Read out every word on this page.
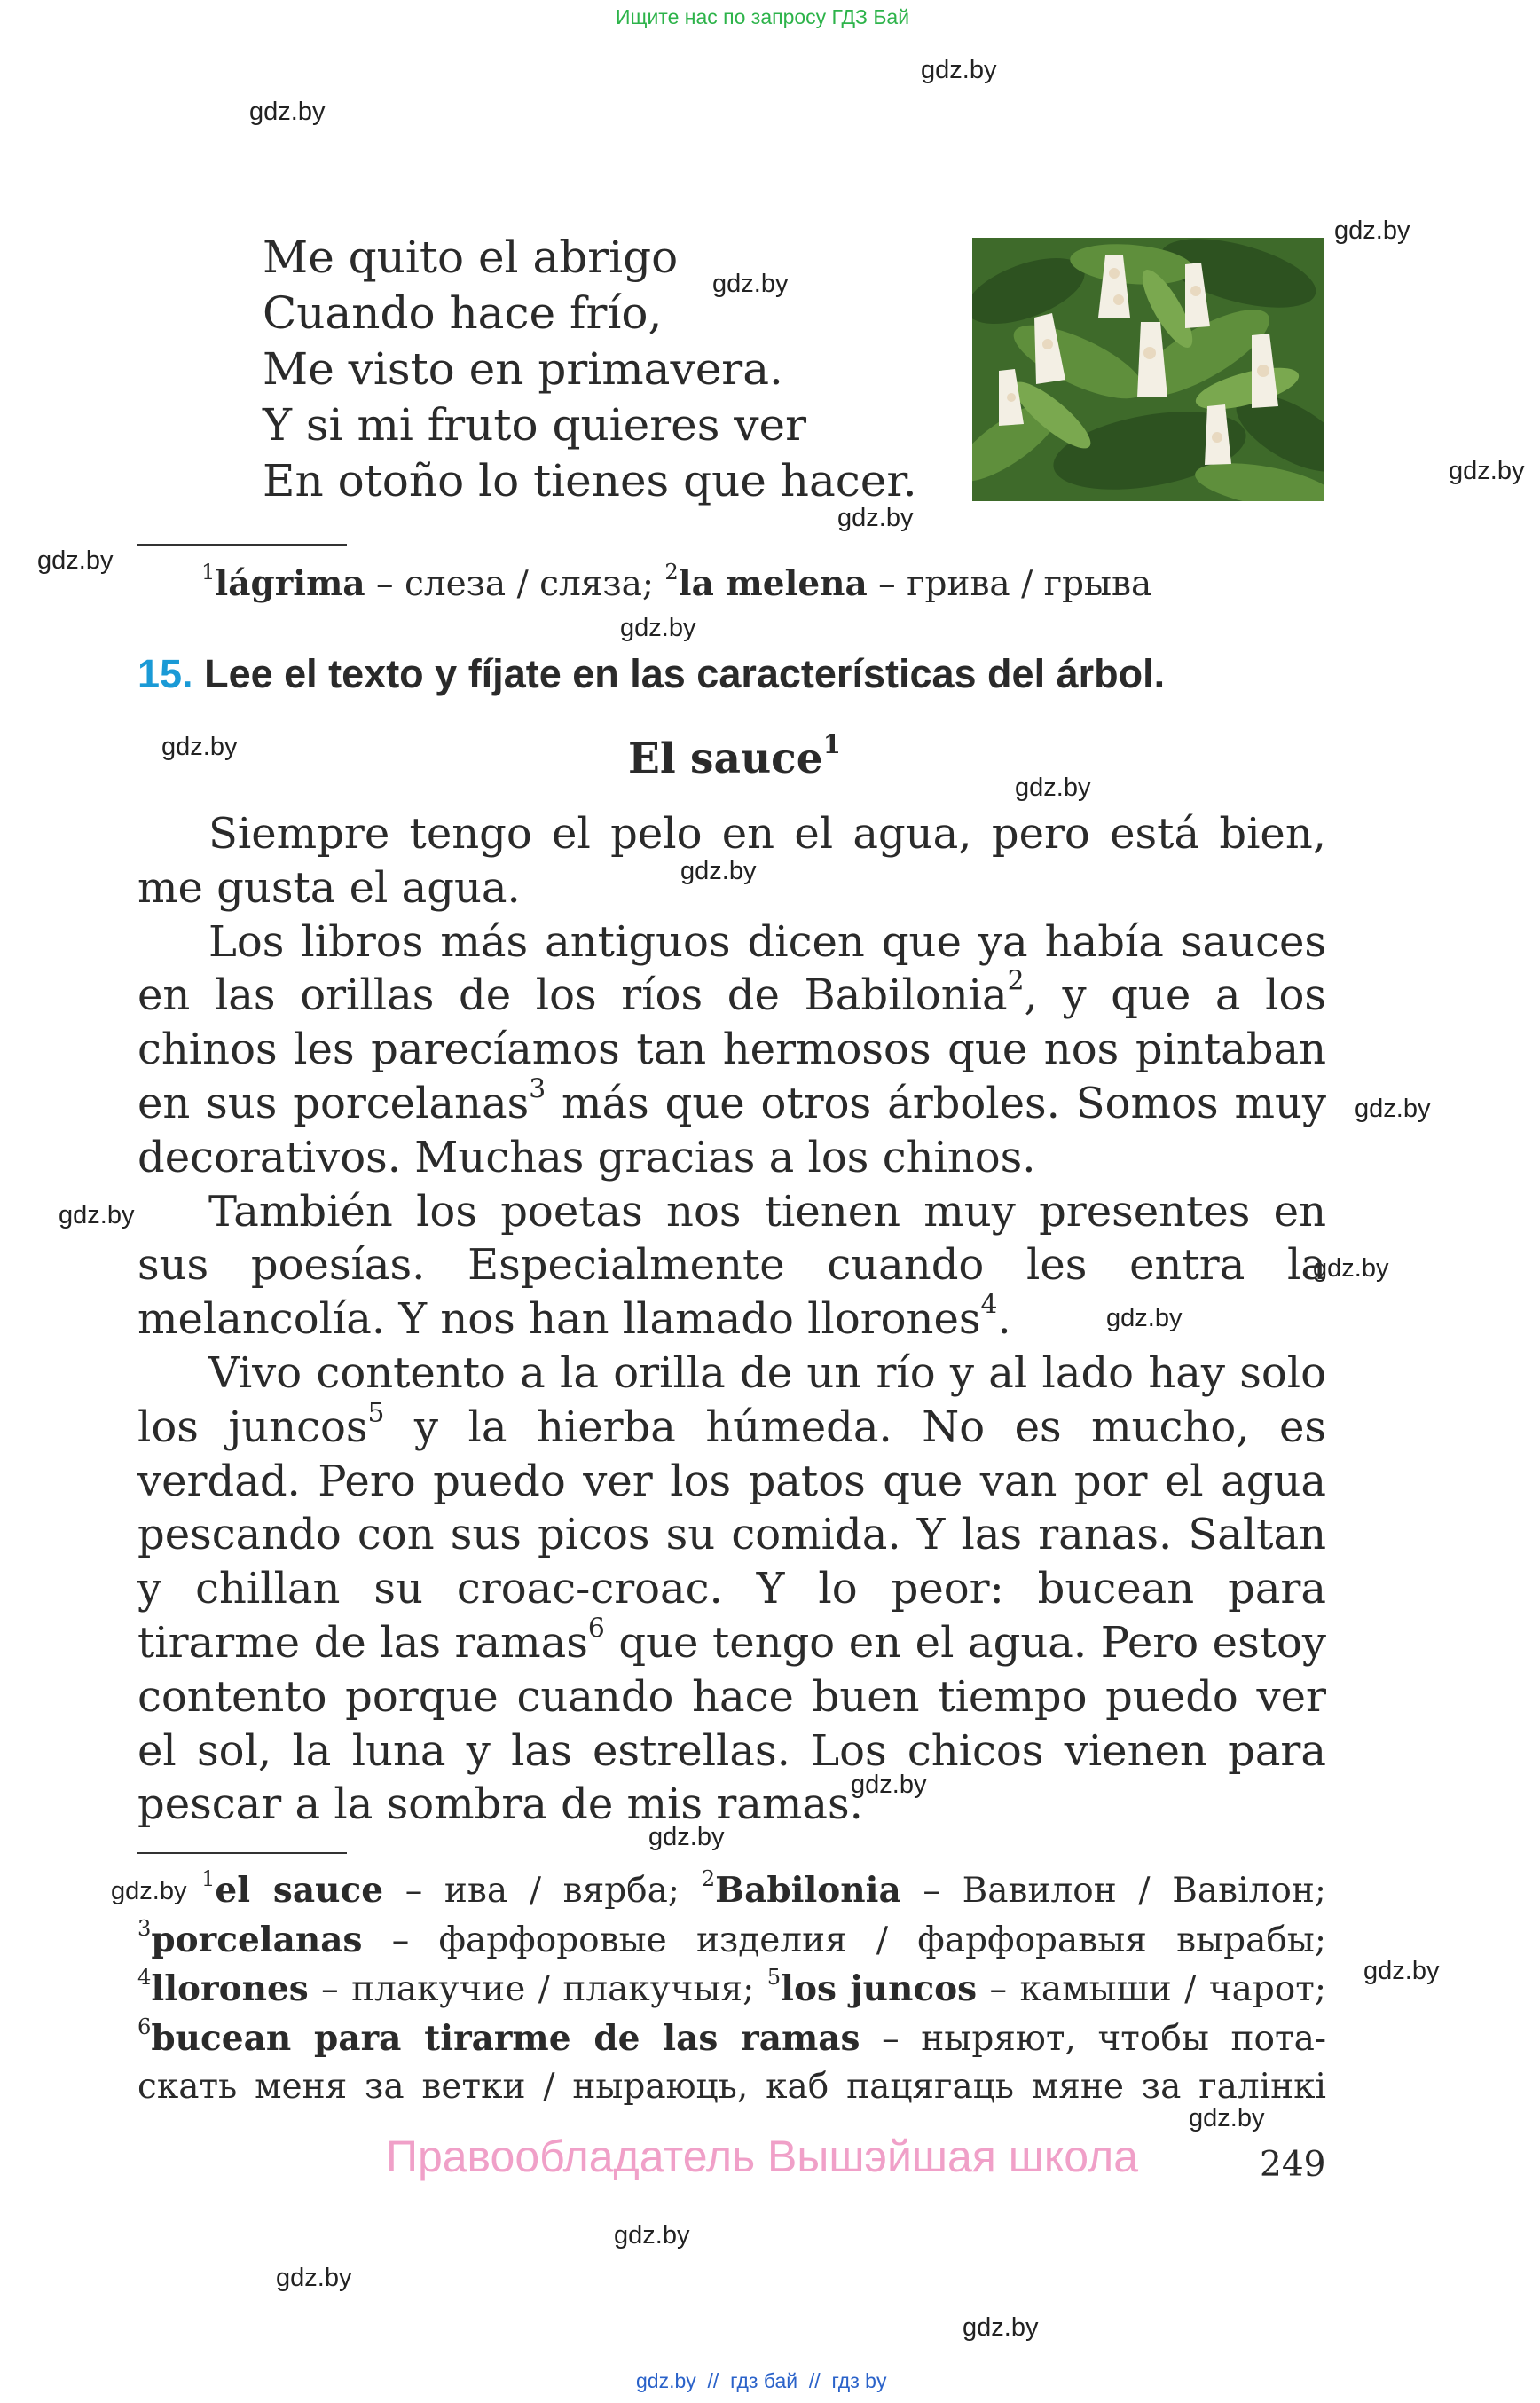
Ищите нас по запросу ГДЗ Бай
gdz.by
gdz.by
gdz.by
gdz.by
gdz.by
gdz.by
gdz.by
gdz.by
gdz.by
gdz.by
gdz.by
gdz.by
gdz.by
gdz.by
gdz.by
gdz.by
gdz.by
gdz.by
gdz.by
gdz.by
gdz.by
gdz.by
gdz.by
Me quito el abrigo
Cuando hace frío,
Me visto en primavera.
Y si mi fruto quieres ver
En otoño lo tienes que hacer.
$^1$lágrima – слеза / сляза; $^2$la melena – грива / грыва
15. Lee el texto y fíjate en las características del árbol.
El sauce$^1$

Siempre tengo el pelo en el agua, pero está bien, me gusta el agua.

Los libros más antiguos dicen que ya había sauces en las orillas de los ríos de Babilonia$^2$, y que a los chinos les parecíamos tan hermosos que nos pintaban en sus porcelanas$^3$ más que otros árboles. Somos muy decorativos. Muchas gracias a los chinos.

También los poetas nos tienen muy presentes en sus poesías. Especialmente cuando les entra la melancolía. Y nos han llamado llorones$^4$.

Vivo contento a la orilla de un río y al lado hay solo los juncos$^5$ y la hierba húmeda. No es mucho, es verdad. Pero puedo ver los patos que van por el agua pescando con sus picos su comida. Y las ranas. Saltan y chillan su croac-croac. Y lo peor: bucean para tirarme de las ramas$^6$ que tengo en el agua. Pero estoy contento porque cuando hace buen tiempo puedo ver el sol, la luna y las estrellas. Los chicos vienen para pescar a la sombra de mis ramas.

$^1$el sauce – ива / вярба; $^2$Babilonia – Вавилон / Вавілон;
$^3$porcelanas – фарфоровые изделия / фарфоравыя вырабы;
$^4$llorones – плакучие / плакучыя; $^5$los juncos – камыши / чарот;
$^6$bucean para tirarme de las ramas – ныряют, чтобы пота-
скать меня за ветки / ныраюць, каб пацягаць мяне за галінкі
Правообладатель Вышэйшая школа	249
gdz.by  //  гдз бай  //  гдз by
